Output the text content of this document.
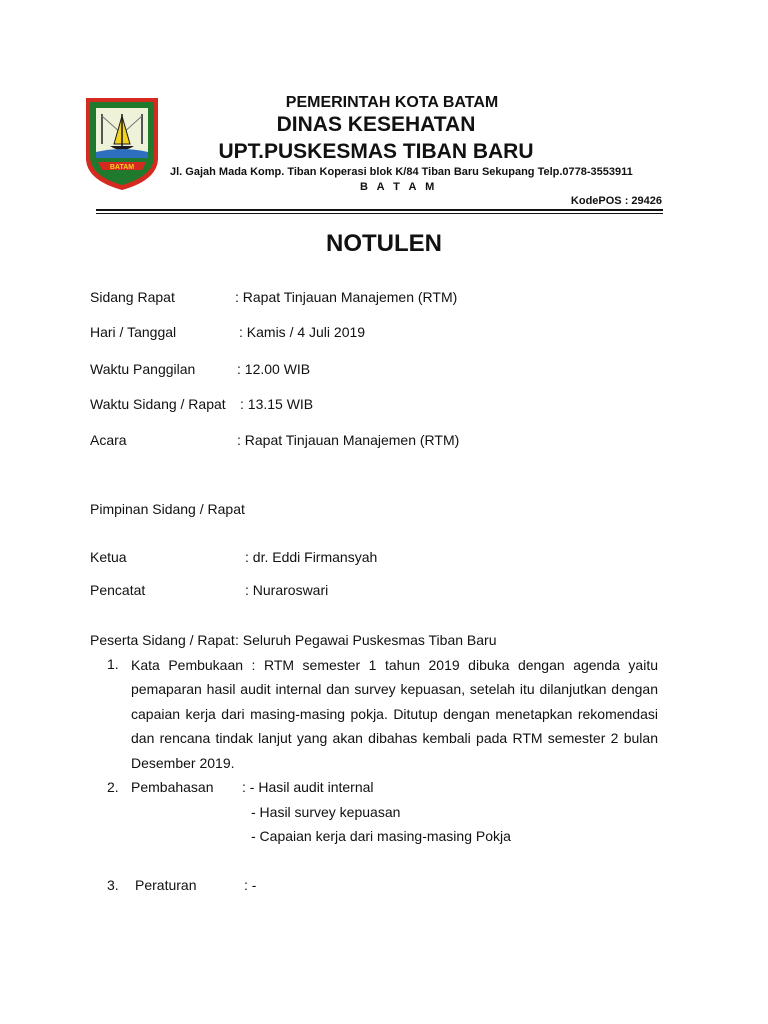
BATAM
PEMERINTAH KOTA BATAM
DINAS KESEHATAN
UPT.PUSKESMAS TIBAN BARU
Jl. Gajah Mada Komp. Tiban Koperasi blok K/84 Tiban Baru Sekupang Telp.0778-3553911
B A T A M
KodePOS : 29426
NOTULEN
Sidang Rapat	: Rapat Tinjauan Manajemen (RTM)
Hari / Tanggal	: Kamis / 4 Juli 2019
Waktu Panggilan	: 12.00 WIB
Waktu Sidang / Rapat : 13.15 WIB
Acara	: Rapat Tinjauan Manajemen (RTM)
Pimpinan Sidang / Rapat
Ketua	: dr. Eddi Firmansyah
Pencatat	: Nuraroswari
Peserta Sidang / Rapat : Seluruh Pegawai Puskesmas Tiban Baru
1. Kata Pembukaan : RTM semester 1 tahun 2019 dibuka dengan agenda yaitu pemaparan hasil audit internal dan survey kepuasan, setelah itu dilanjutkan dengan capaian kerja dari masing-masing pokja. Ditutup dengan menetapkan rekomendasi dan rencana tindak lanjut yang akan dibahas kembali pada RTM semester 2 bulan Desember 2019.
2. Pembahasan : - Hasil audit internal
- Hasil survey kepuasan
- Capaian kerja dari masing-masing Pokja
3. Peraturan	: -
